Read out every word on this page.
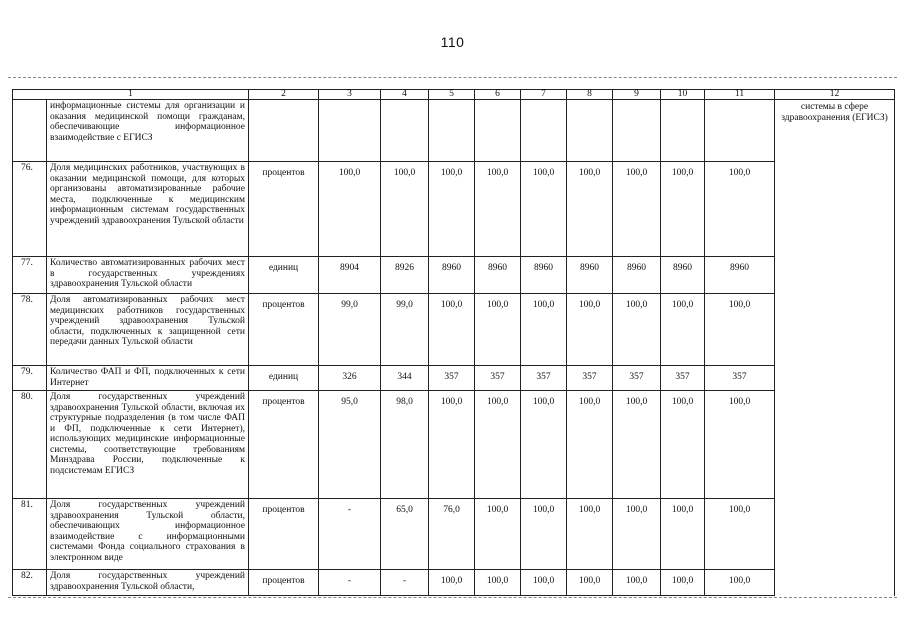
110
1		2	3	4	5	6	7	8	9	10	11	12
	информационные системы для организации и оказания медицинской помощи гражданам, обеспечивающие информационное взаимодействие с ЕГИСЗ											системы в сфере здравоохранения (ЕГИСЗ)
76.	Доля медицинских работников, участвующих в оказании медицинской помощи, для которых организованы автоматизированные рабочие места, подключенные к медицинским информационным системам государственных учреждений здравоохранения Тульской области	процентов	100,0	100,0	100,0	100,0	100,0	100,0	100,0	100,0	100,0	
77.	Количество автоматизированных рабочих мест в государственных учреждениях здравоохранения Тульской области	единиц	8904	8926	8960	8960	8960	8960	8960	8960	8960	
78.	Доля автоматизированных рабочих мест медицинских работников государственных учреждений здравоохранения Тульской области, подключенных к защищенной сети передачи данных Тульской области	процентов	99,0	99,0	100,0	100,0	100,0	100,0	100,0	100,0	100,0	
79.	Количество ФАП и ФП, подключенных к сети Интернет	единиц	326	344	357	357	357	357	357	357	357	
80.	Доля государственных учреждений здравоохранения Тульской области, включая их структурные подразделения (в том числе ФАП и ФП, подключенные к сети Интернет), использующих медицинские информационные системы, соответствующие требованиям Минздрава России, подключенные к подсистемам ЕГИСЗ	процентов	95,0	98,0	100,0	100,0	100,0	100,0	100,0	100,0	100,0	
81.	Доля государственных учреждений здравоохранения Тульской области, обеспечивающих информационное взаимодействие с информационными системами Фонда социального страхования в электронном виде	процентов	-	65,0	76,0	100,0	100,0	100,0	100,0	100,0	100,0	
82.	Доля государственных учреждений здравоохранения Тульской области,	процентов	-	-	100,0	100,0	100,0	100,0	100,0	100,0	100,0	
